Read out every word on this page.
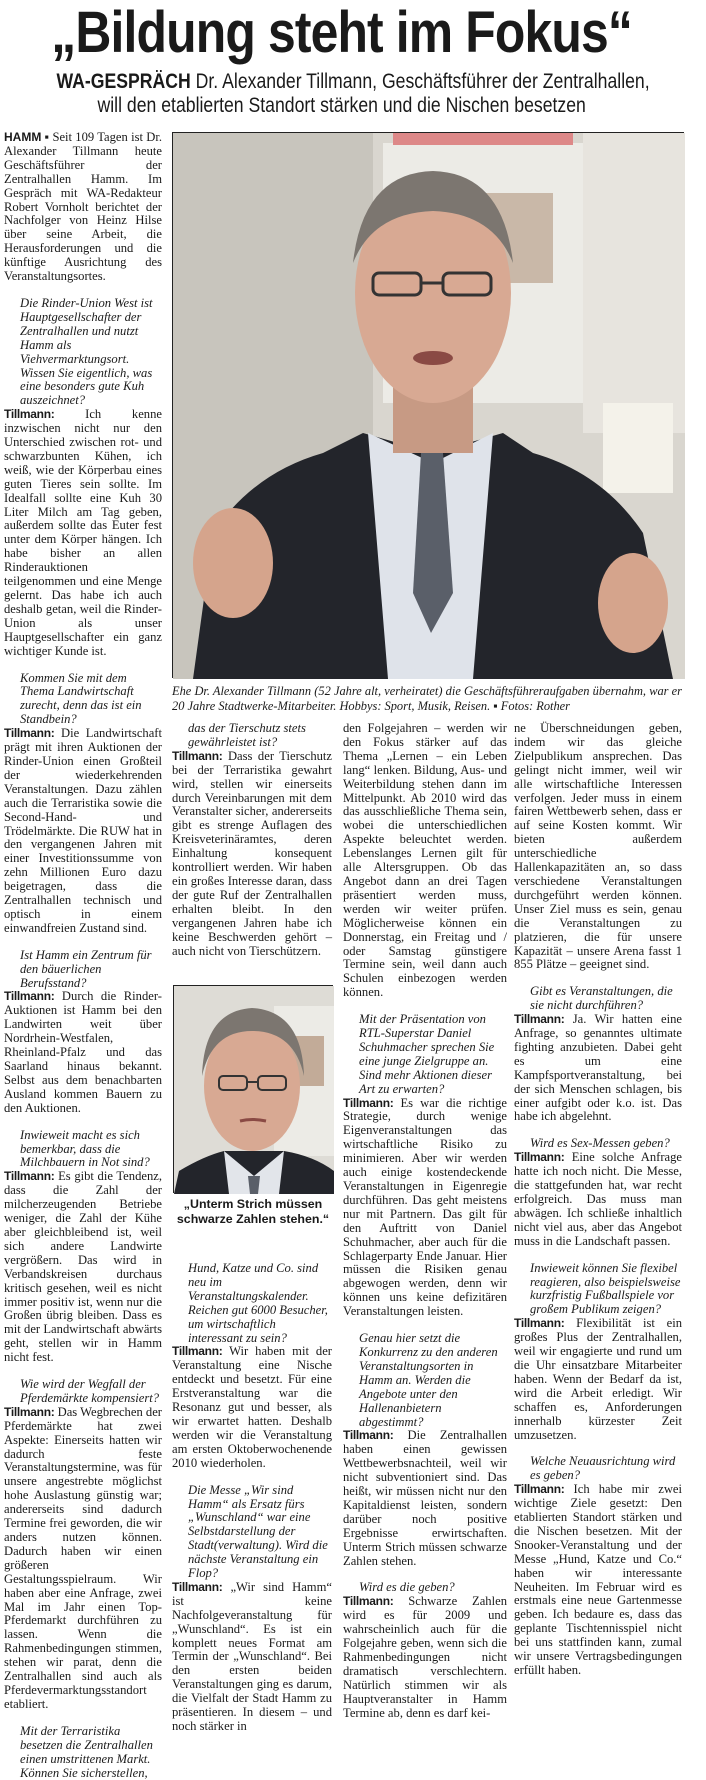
„Bildung steht im Fokus“
WA-GESPRÄCH Dr. Alexander Tillmann, Geschäftsführer der Zentralhallen,
will den etablierten Standort stärken und die Nischen besetzen

HAMM ▪ Seit 109 Tagen ist Dr. Alexander Tillmann heute Geschäftsführer der Zentralhallen Hamm. Im Gespräch mit WA-Redakteur Robert Vornholt berichtet der Nachfolger von Heinz Hilse über seine Arbeit, die Herausforderungen und die künftige Ausrichtung des Veranstaltungsortes.

Die Rinder-Union West ist Hauptgesellschafter der Zentralhallen und nutzt Hamm als Viehvermarktungsort. Wissen Sie eigentlich, was eine besonders gute Kuh auszeichnet?

Tillmann: Ich kenne inzwischen nicht nur den Unterschied zwischen rot- und schwarzbunten Kühen, ich weiß, wie der Körperbau eines guten Tieres sein sollte. Im Idealfall sollte eine Kuh 30 Liter Milch am Tag geben, außerdem sollte das Euter fest unter dem Körper hängen. Ich habe bisher an allen Rinderauktionen teilgenommen und eine Menge gelernt. Das habe ich auch deshalb getan, weil die Rinder-Union als unser Hauptgesellschafter ein ganz wichtiger Kunde ist.

Kommen Sie mit dem Thema Landwirtschaft zurecht, denn das ist ein Standbein?

Tillmann: Die Landwirtschaft prägt mit ihren Auktionen der Rinder-Union einen Großteil der wiederkehrenden Veranstaltungen. Dazu zählen auch die Terraristika sowie die Second-Hand- und Trödelmärkte. Die RUW hat in den vergangenen Jahren mit einer Investitionssumme von zehn Millionen Euro dazu beigetragen, dass die Zentralhallen technisch und optisch in einem einwandfreien Zustand sind.

Ist Hamm ein Zentrum für den bäuerlichen Berufsstand?

Tillmann: Durch die Rinder-Auktionen ist Hamm bei den Landwirten weit über Nordrhein-Westfalen, Rheinland-Pfalz und das Saarland hinaus bekannt. Selbst aus dem benachbarten Ausland kommen Bauern zu den Auktionen.

Inwieweit macht es sich bemerkbar, dass die Milchbauern in Not sind?

Tillmann: Es gibt die Tendenz, dass die Zahl der milcherzeugenden Betriebe weniger, die Zahl der Kühe aber gleichbleibend ist, weil sich andere Landwirte vergrößern. Das wird in Verbandskreisen durchaus kritisch gesehen, weil es nicht immer positiv ist, wenn nur die Großen übrig bleiben. Dass es mit der Landwirtschaft abwärts geht, stellen wir in Hamm nicht fest.

Wie wird der Wegfall der Pferdemärkte kompensiert?

Tillmann: Das Wegbrechen der Pferdemärkte hat zwei Aspekte: Einerseits hatten wir dadurch feste Veranstaltungstermine, was für unsere angestrebte möglichst hohe Auslastung günstig war; andererseits sind dadurch Termine frei geworden, die wir anders nutzen können. Dadurch haben wir einen größeren Gestaltungsspielraum. Wir haben aber eine Anfrage, zwei Mal im Jahr einen Top-Pferdemarkt durchführen zu lassen. Wenn die Rahmenbedingungen stimmen, stehen wir parat, denn die Zentralhallen sind auch als Pferdevermarktungsstandort etabliert.

Mit der Terraristika besetzen die Zentralhallen einen umstrittenen Markt. Können Sie sicherstellen,

Ehe Dr. Alexander Tillmann (52 Jahre alt, verheiratet) die Geschäftsführeraufgaben übernahm, war er 20 Jahre Stadtwerke-Mitarbeiter. Hobbys: Sport, Musik, Reisen. ▪ Fotos: Rother

das der Tierschutz stets gewährleistet ist?

Tillmann: Dass der Tierschutz bei der Terraristika gewahrt wird, stellen wir einerseits durch Vereinbarungen mit dem Veranstalter sicher, andererseits gibt es strenge Auflagen des Kreisveterinäramtes, deren Einhaltung konsequent kontrolliert werden. Wir haben ein großes Interesse daran, dass der gute Ruf der Zentralhallen erhalten bleibt. In den vergangenen Jahren habe ich keine Beschwerden gehört – auch nicht von Tierschützern.

„Unterm Strich müssen schwarze Zahlen stehen.“

Hund, Katze und Co. sind neu im Veranstaltungskalender. Reichen gut 6000 Besucher, um wirtschaftlich interessant zu sein?

Tillmann: Wir haben mit der Veranstaltung eine Nische entdeckt und besetzt. Für eine Erstveranstaltung war die Resonanz gut und besser, als wir erwartet hatten. Deshalb werden wir die Veranstaltung am ersten Oktoberwochenende 2010 wiederholen.

Die Messe „Wir sind Hamm“ als Ersatz fürs „Wunschland“ war eine Selbstdarstellung der Stadt(verwaltung). Wird die nächste Veranstaltung ein Flop?

Tillmann: „Wir sind Hamm“ ist keine Nachfolgeveranstaltung für „Wunschland“. Es ist ein komplett neues Format am Termin der „Wunschland“. Bei den ersten beiden Veranstaltungen ging es darum, die Vielfalt der Stadt Hamm zu präsentieren. In diesem – und noch stärker in

den Folgejahren – werden wir den Fokus stärker auf das Thema „Lernen – ein Leben lang“ lenken. Bildung, Aus- und Weiterbildung stehen dann im Mittelpunkt. Ab 2010 wird das das ausschließliche Thema sein, wobei die unterschiedlichen Aspekte beleuchtet werden. Lebenslanges Lernen gilt für alle Altersgruppen. Ob das Angebot dann an drei Tagen präsentiert werden muss, werden wir weiter prüfen. Möglicherweise können ein Donnerstag, ein Freitag und / oder Samstag günstigere Termine sein, weil dann auch Schulen einbezogen werden können.

Mit der Präsentation von RTL-Superstar Daniel Schuhmacher sprechen Sie eine junge Zielgruppe an. Sind mehr Aktionen dieser Art zu erwarten?

Tillmann: Es war die richtige Strategie, durch wenige Eigenveranstaltungen das wirtschaftliche Risiko zu minimieren. Aber wir werden auch einige kostendeckende Veranstaltungen in Eigenregie durchführen. Das geht meistens nur mit Partnern. Das gilt für den Auftritt von Daniel Schuhmacher, aber auch für die Schlagerparty Ende Januar. Hier müssen die Risiken genau abgewogen werden, denn wir können uns keine defizitären Veranstaltungen leisten.

Genau hier setzt die Konkurrenz zu den anderen Veranstaltungsorten in Hamm an. Werden die Angebote unter den Hallenanbietern abgestimmt?

Tillmann: Die Zentralhallen haben einen gewissen Wettbewerbsnachteil, weil wir nicht subventioniert sind. Das heißt, wir müssen nicht nur den Kapitaldienst leisten, sondern darüber noch positive Ergebnisse erwirtschaften. Unterm Strich müssen schwarze Zahlen stehen.

Wird es die geben?

Tillmann: Schwarze Zahlen wird es für 2009 und wahrscheinlich auch für die Folgejahre geben, wenn sich die Rahmenbedingungen nicht dramatisch verschlechtern. Natürlich stimmen wir als Hauptveranstalter in Hamm Termine ab, denn es darf kei-

ne Überschneidungen geben, indem wir das gleiche Zielpublikum ansprechen. Das gelingt nicht immer, weil wir alle wirtschaftliche Interessen verfolgen. Jeder muss in einem fairen Wettbewerb sehen, dass er auf seine Kosten kommt. Wir bieten außerdem unterschiedliche Hallenkapazitäten an, so dass verschiedene Veranstaltungen durchgeführt werden können. Unser Ziel muss es sein, genau die Veranstaltungen zu platzieren, die für unsere Kapazität – unsere Arena fasst 1 855 Plätze – geeignet sind.

Gibt es Veranstaltungen, die sie nicht durchführen?

Tillmann: Ja. Wir hatten eine Anfrage, so genanntes ultimate fighting anzubieten. Dabei geht es um eine Kampfsportveranstaltung, bei der sich Menschen schlagen, bis einer aufgibt oder k.o. ist. Das habe ich abgelehnt.

Wird es Sex-Messen geben?

Tillmann: Eine solche Anfrage hatte ich noch nicht. Die Messe, die stattgefunden hat, war recht erfolgreich. Das muss man abwägen. Ich schließe inhaltlich nicht viel aus, aber das Angebot muss in die Landschaft passen.

Inwieweit können Sie flexibel reagieren, also beispielsweise kurzfristig Fußballspiele vor großem Publikum zeigen?

Tillmann: Flexibilität ist ein großes Plus der Zentralhallen, weil wir engagierte und rund um die Uhr einsatzbare Mitarbeiter haben. Wenn der Bedarf da ist, wird die Arbeit erledigt. Wir schaffen es, Anforderungen innerhalb kürzester Zeit umzusetzen.

Welche Neuausrichtung wird es geben?

Tillmann: Ich habe mir zwei wichtige Ziele gesetzt: Den etablierten Standort stärken und die Nischen besetzen. Mit der Snooker-Veranstaltung und der Messe „Hund, Katze und Co.“ haben wir interessante Neuheiten. Im Februar wird es erstmals eine neue Gartenmesse geben. Ich bedaure es, dass das geplante Tischtennisspiel nicht bei uns stattfinden kann, zumal wir unsere Vertragsbedingungen erfüllt haben.
